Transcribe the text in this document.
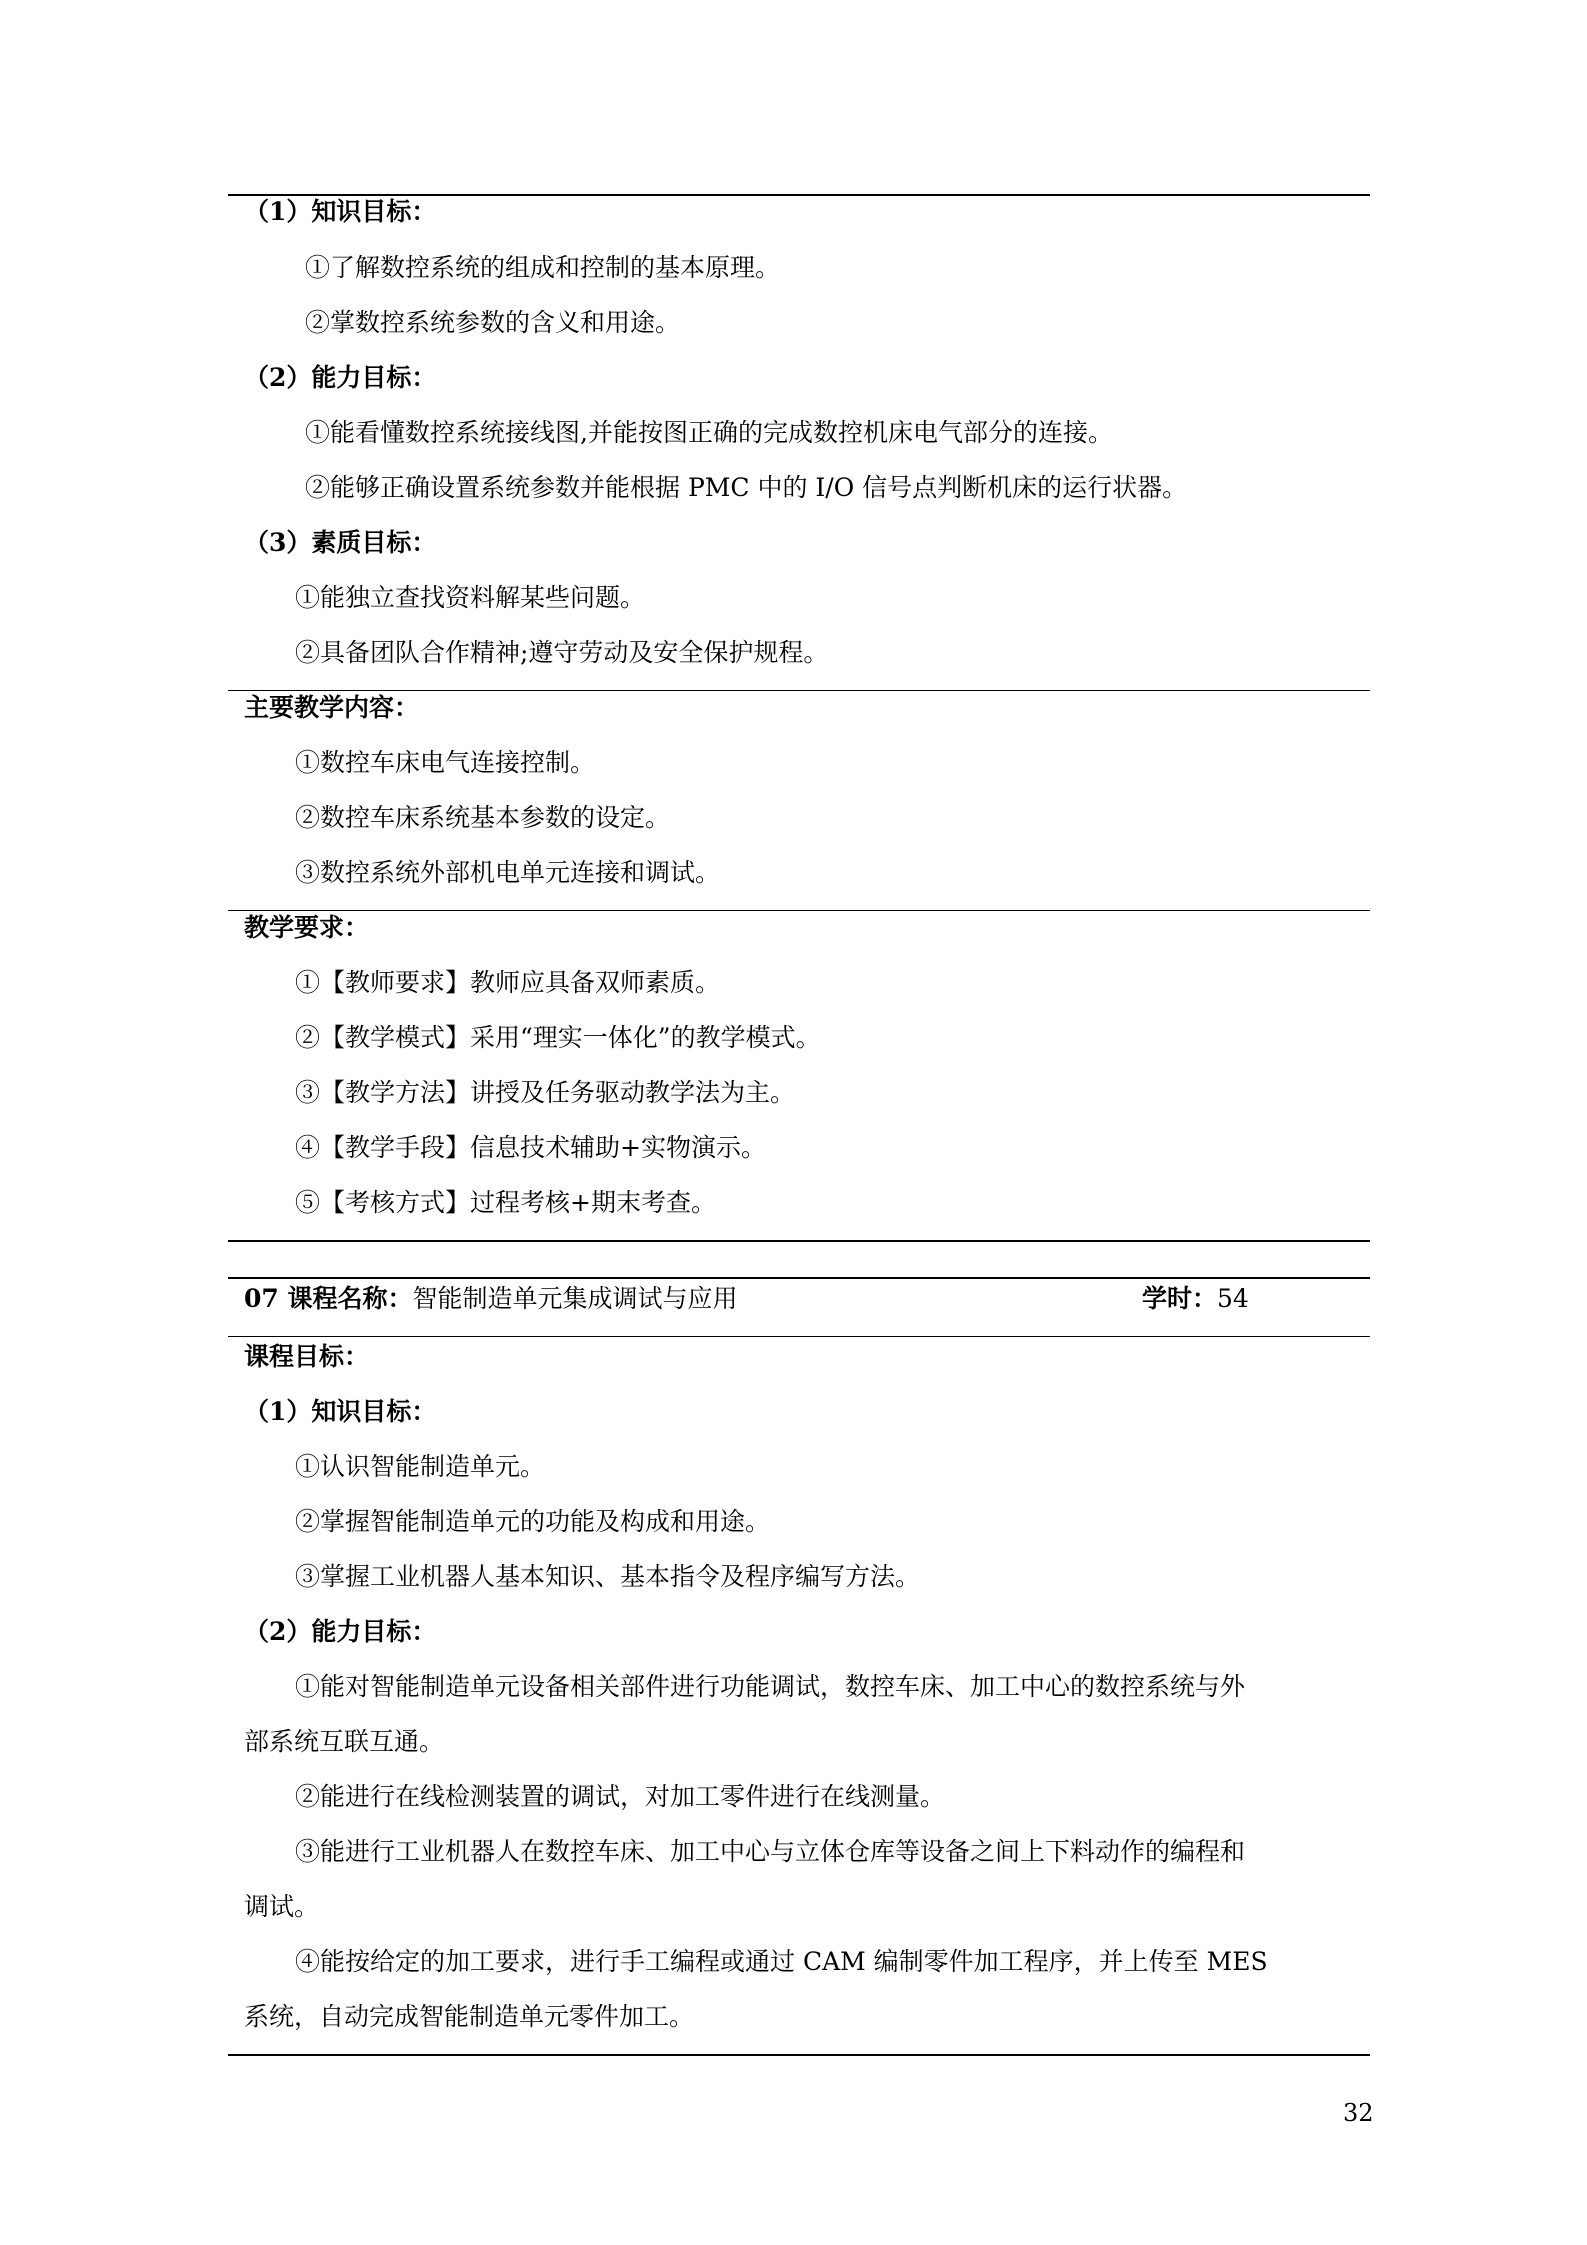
（1）知识目标：
①了解数控系统的组成和控制的基本原理。
②掌数控系统参数的含义和用途。
（2）能力目标：
①能看懂数控系统接线图,并能按图正确的完成数控机床电气部分的连接。
②能够正确设置系统参数并能根据 PMC 中的 I/O 信号点判断机床的运行状器。
（3）素质目标：
①能独立查找资料解某些问题。
②具备团队合作精神;遵守劳动及安全保护规程。
主要教学内容：
①数控车床电气连接控制。
②数控车床系统基本参数的设定。
③数控系统外部机电单元连接和调试。
教学要求：
①【教师要求】教师应具备双师素质。
②【教学模式】采用“理实一体化”的教学模式。
③【教学方法】讲授及任务驱动教学法为主。
④【教学手段】信息技术辅助+实物演示。
⑤【考核方式】过程考核+期末考查。
07 课程名称：智能制造单元集成调试与应用	学时：54
课程目标：
（1）知识目标：
①认识智能制造单元。
②掌握智能制造单元的功能及构成和用途。
③掌握工业机器人基本知识、基本指令及程序编写方法。
（2）能力目标：
①能对智能制造单元设备相关部件进行功能调试，数控车床、加工中心的数控系统与外
部系统互联互通。
②能进行在线检测装置的调试，对加工零件进行在线测量。
③能进行工业机器人在数控车床、加工中心与立体仓库等设备之间上下料动作的编程和
调试。
④能按给定的加工要求，进行手工编程或通过 CAM 编制零件加工程序，并上传至 MES
系统，自动完成智能制造单元零件加工。
32
